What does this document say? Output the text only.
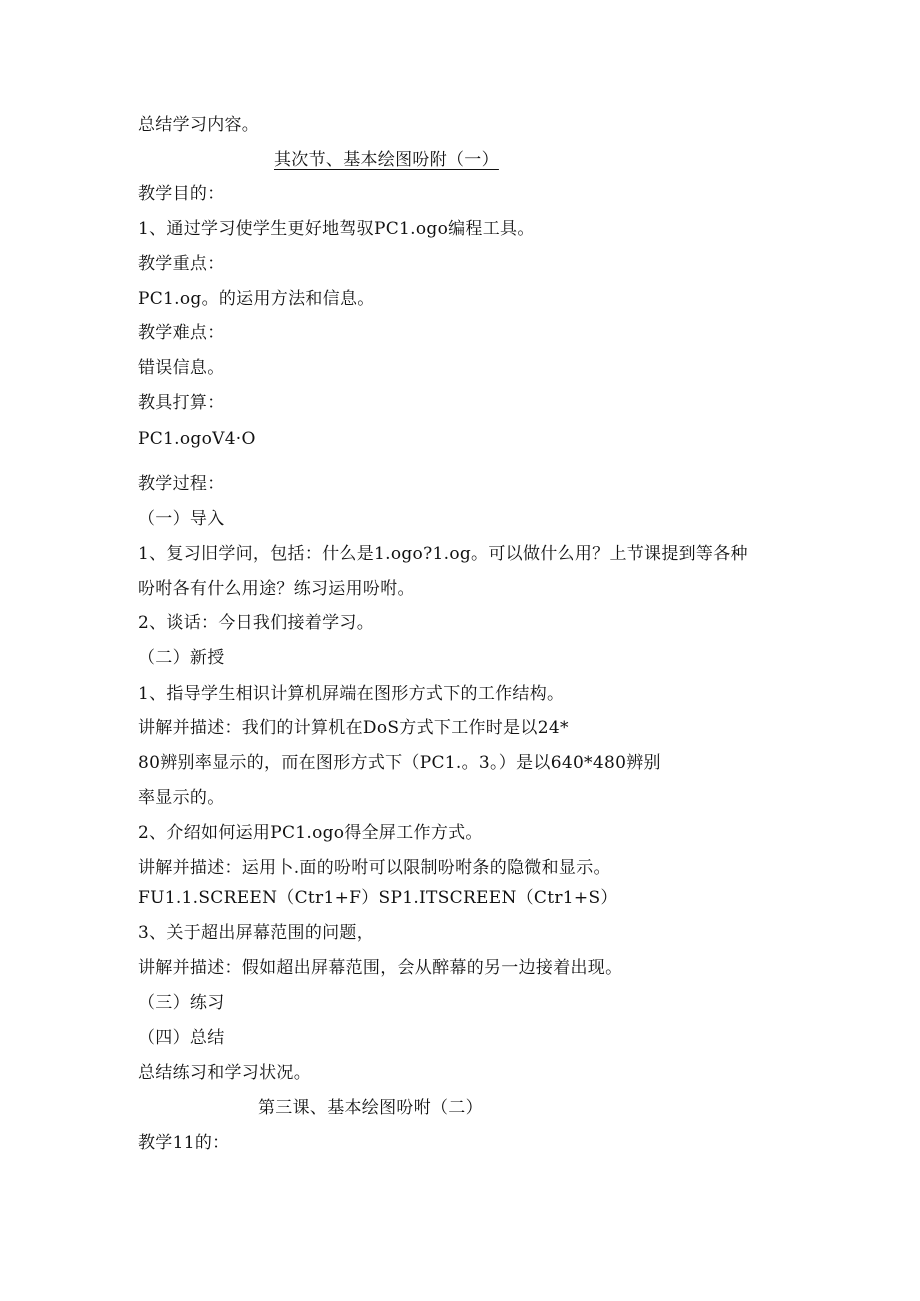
总结学习内容。
其次节、基本绘图吩附（一）
教学目的：
1、通过学习使学生更好地驾驭PC1.ogo编程工具。
教学重点：
PC1.og。的运用方法和信息。
教学难点：
错误信息。
教具打算：
PC1.ogoV4·O
教学过程：
（一）导入
1、复习旧学问，包括：什么是1.ogo?1.og。可以做什么用？上节课提到等各种
吩咐各有什么用途？练习运用吩咐。
2、谈话：今日我们接着学习。
（二）新授
1、指导学生相识计算机屏端在图形方式下的工作结构。
讲解并描述：我们的计算机在DoS方式下工作时是以24*
80辨别率显示的，而在图形方式下（PC1.。3。）是以640*480辨别
率显示的。
2、介绍如何运用PC1.ogo得全屏工作方式。
讲解并描述：运用卜.面的吩咐可以限制吩咐条的隐微和显示。
FU1.1.SCREEN（Ctr1+F）SP1.ITSCREEN（Ctr1+S）
3、关于超出屏幕范围的问题，
讲解并描述：假如超出屏幕范围，会从醉幕的另一边接着出现。
（三）练习
（四）总结
总结练习和学习状况。
第三课、基本绘图吩咐（二）
教学11的：
